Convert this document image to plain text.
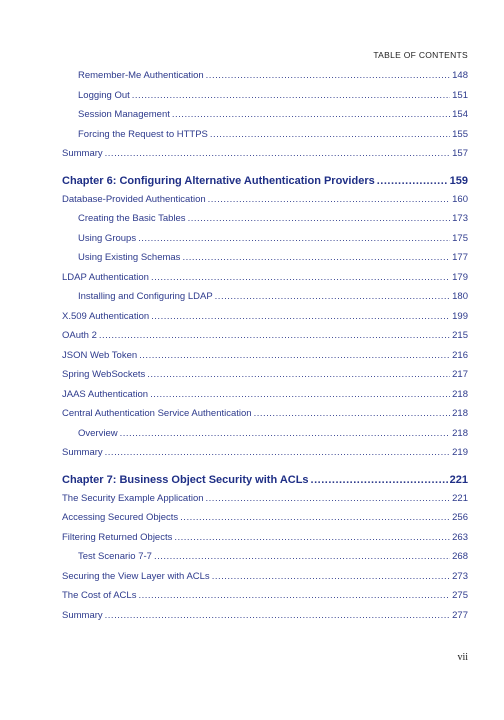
TABLE OF CONTENTS
Remember-Me Authentication .....	148
Logging Out .....	151
Session Management .....	154
Forcing the Request to HTTPS .....	155
Summary .....	157
Chapter 6: Configuring Alternative Authentication Providers .....	159
Database-Provided Authentication .....	160
Creating the Basic Tables .....	173
Using Groups .....	175
Using Existing Schemas .....	177
LDAP Authentication .....	179
Installing and Configuring LDAP .....	180
X.509 Authentication .....	199
OAuth 2 .....	215
JSON Web Token .....	216
Spring WebSockets .....	217
JAAS Authentication .....	218
Central Authentication Service Authentication .....	218
Overview .....	218
Summary .....	219
Chapter 7: Business Object Security with ACLs .....	221
The Security Example Application .....	221
Accessing Secured Objects .....	256
Filtering Returned Objects .....	263
Test Scenario 7-7 .....	268
Securing the View Layer with ACLs .....	273
The Cost of ACLs .....	275
Summary .....	277
vii
